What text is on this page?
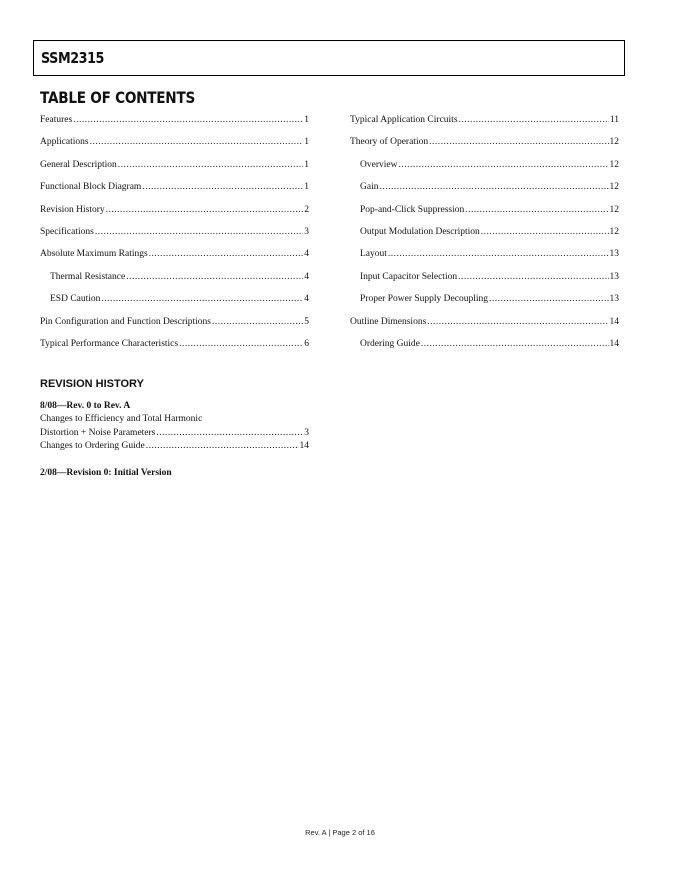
SSM2315
TABLE OF CONTENTS
Features .....	1
Applications .....	1
General Description .....	1
Functional Block Diagram .....	1
Revision History .....	2
Specifications .....	3
Absolute Maximum Ratings .....	4
Thermal Resistance .....	4
ESD Caution .....	4
Pin Configuration and Function Descriptions .....	5
Typical Performance Characteristics .....	6
Typical Application Circuits .....	11
Theory of Operation .....	12
Overview .....	12
Gain .....	12
Pop-and-Click Suppression .....	12
Output Modulation Description .....	12
Layout .....	13
Input Capacitor Selection .....	13
Proper Power Supply Decoupling .....	13
Outline Dimensions .....	14
Ordering Guide .....	14
REVISION HISTORY
8/08—Rev. 0 to Rev. A
Changes to Efficiency and Total Harmonic
Distortion + Noise Parameters .....	3
Changes to Ordering Guide .....	14
2/08—Revision 0: Initial Version
Rev. A | Page 2 of 16
